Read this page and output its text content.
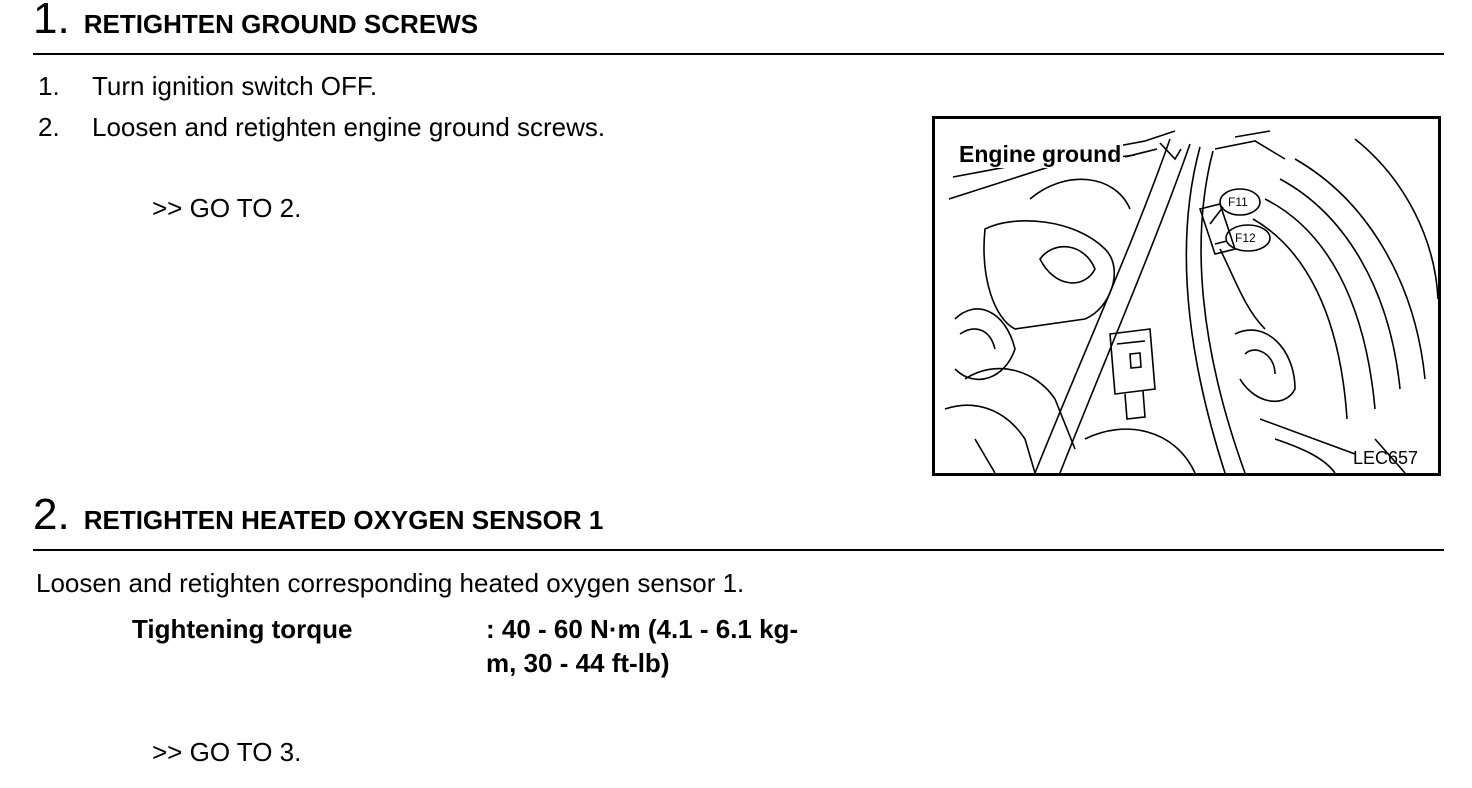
1. RETIGHTEN GROUND SCREWS
1. Turn ignition switch OFF.
2. Loosen and retighten engine ground screws.
>> GO TO 2.	F11
F12
Engine ground
LEC657
2. RETIGHTEN HEATED OXYGEN SENSOR 1
Loosen and retighten corresponding heated oxygen sensor 1.
Tightening torque	: 40 - 60 N·m (4.1 - 6.1 kg-
m, 30 - 44 ft-lb)
>> GO TO 3.
